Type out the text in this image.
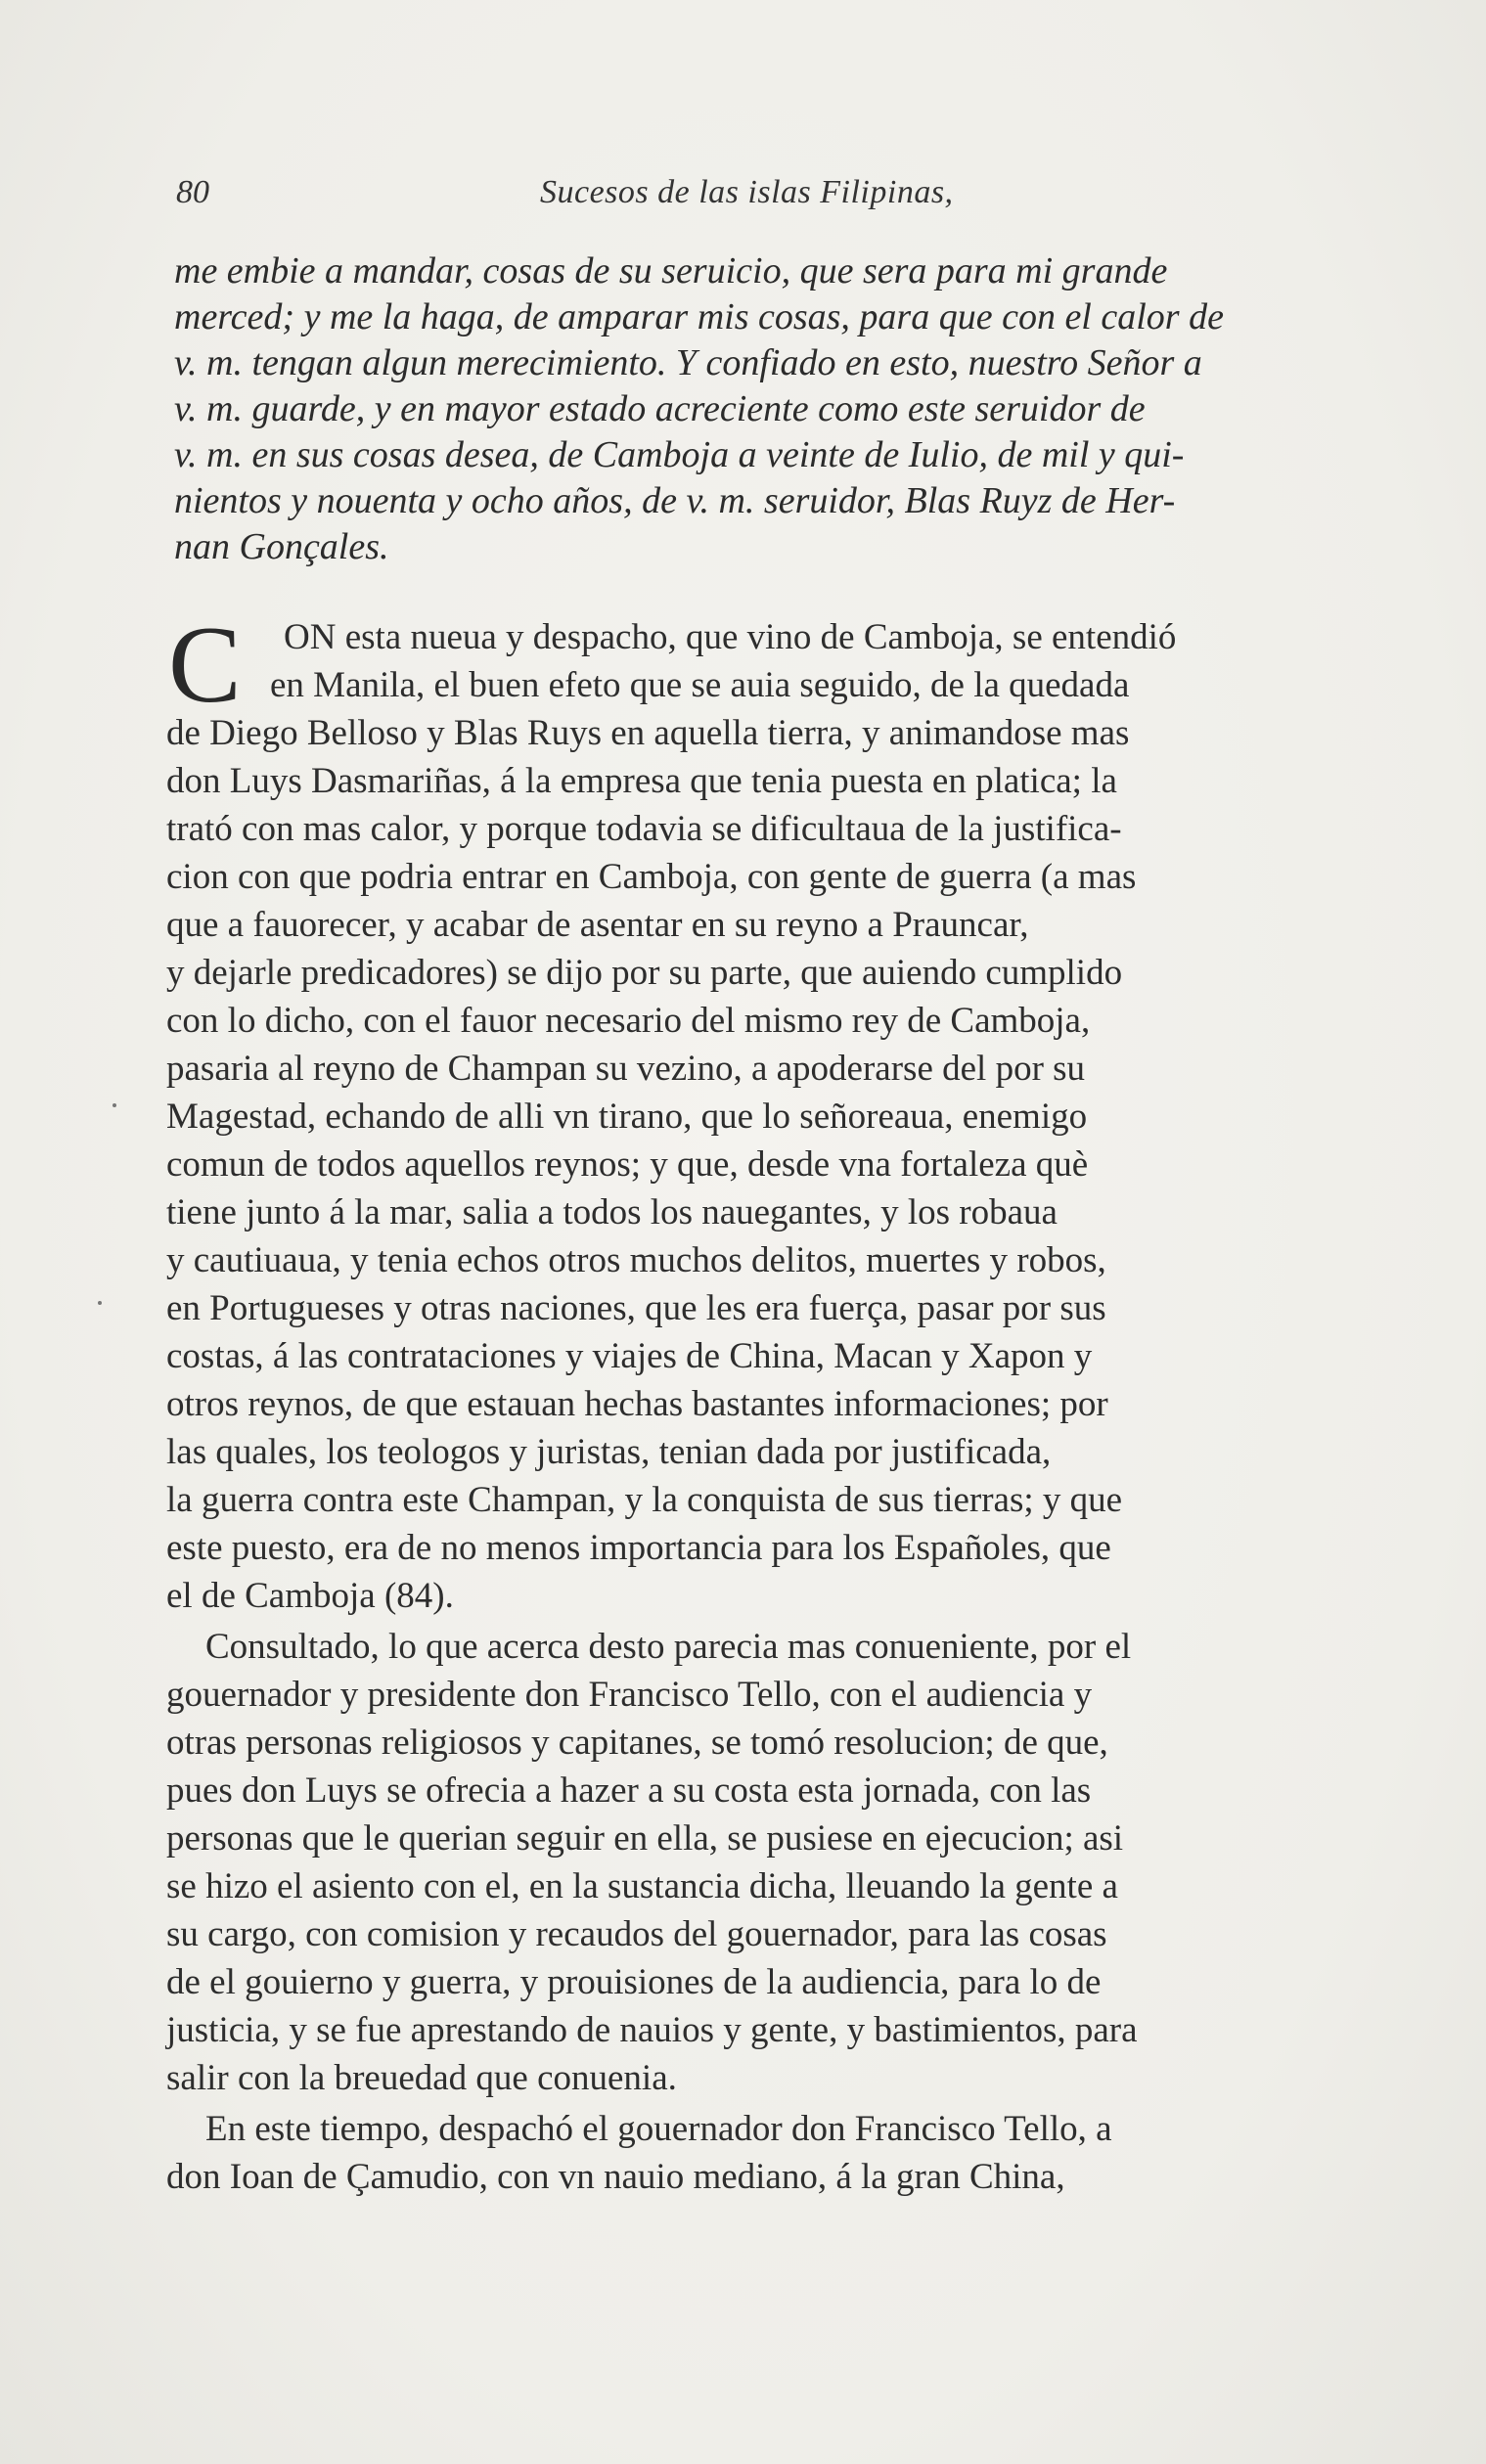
80	Sucesos de las islas Filipinas,
me embie a mandar, cosas de su seruicio, que sera para mi grande
merced; y me la haga, de amparar mis cosas, para que con el calor de
v. m. tengan algun merecimiento. Y confiado en esto, nuestro Señor a
v. m. guarde, y en mayor estado acreciente como este seruidor de
v. m. en sus cosas desea, de Camboja a veinte de Iulio, de mil y qui-
nientos y nouenta y ocho años, de v. m. seruidor, Blas Ruyz de Her-
nan Gonçales.
C ON esta nueua y despacho, que vino de Camboja, se entendió
en Manila, el buen efeto que se auia seguido, de la quedada
de Diego Belloso y Blas Ruys en aquella tierra, y animandose mas
don Luys Dasmariñas, á la empresa que tenia puesta en platica; la
trató con mas calor, y porque todavia se dificultaua de la justifica-
cion con que podria entrar en Camboja, con gente de guerra (a mas
que a fauorecer, y acabar de asentar en su reyno a Prauncar,
y dejarle predicadores) se dijo por su parte, que auiendo cumplido
con lo dicho, con el fauor necesario del mismo rey de Camboja,
pasaria al reyno de Champan su vezino, a apoderarse del por su
Magestad, echando de alli vn tirano, que lo señoreaua, enemigo
comun de todos aquellos reynos; y que, desde vna fortaleza què
tiene junto á la mar, salia a todos los nauegantes, y los robaua
y cautiuaua, y tenia echos otros muchos delitos, muertes y robos,
en Portugueses y otras naciones, que les era fuerça, pasar por sus
costas, á las contrataciones y viajes de China, Macan y Xapon y
otros reynos, de que estauan hechas bastantes informaciones; por
las quales, los teologos y juristas, tenian dada por justificada,
la guerra contra este Champan, y la conquista de sus tierras; y que
este puesto, era de no menos importancia para los Españoles, que
el de Camboja (84).
Consultado, lo que acerca desto parecia mas conueniente, por el
gouernador y presidente don Francisco Tello, con el audiencia y
otras personas religiosos y capitanes, se tomó resolucion; de que,
pues don Luys se ofrecia a hazer a su costa esta jornada, con las
personas que le querian seguir en ella, se pusiese en ejecucion; asi
se hizo el asiento con el, en la sustancia dicha, lleuando la gente a
su cargo, con comision y recaudos del gouernador, para las cosas
de el gouierno y guerra, y prouisiones de la audiencia, para lo de
justicia, y se fue aprestando de nauios y gente, y bastimientos, para
salir con la breuedad que conuenia.
En este tiempo, despachó el gouernador don Francisco Tello, a
don Ioan de Çamudio, con vn nauio mediano, á la gran China,
